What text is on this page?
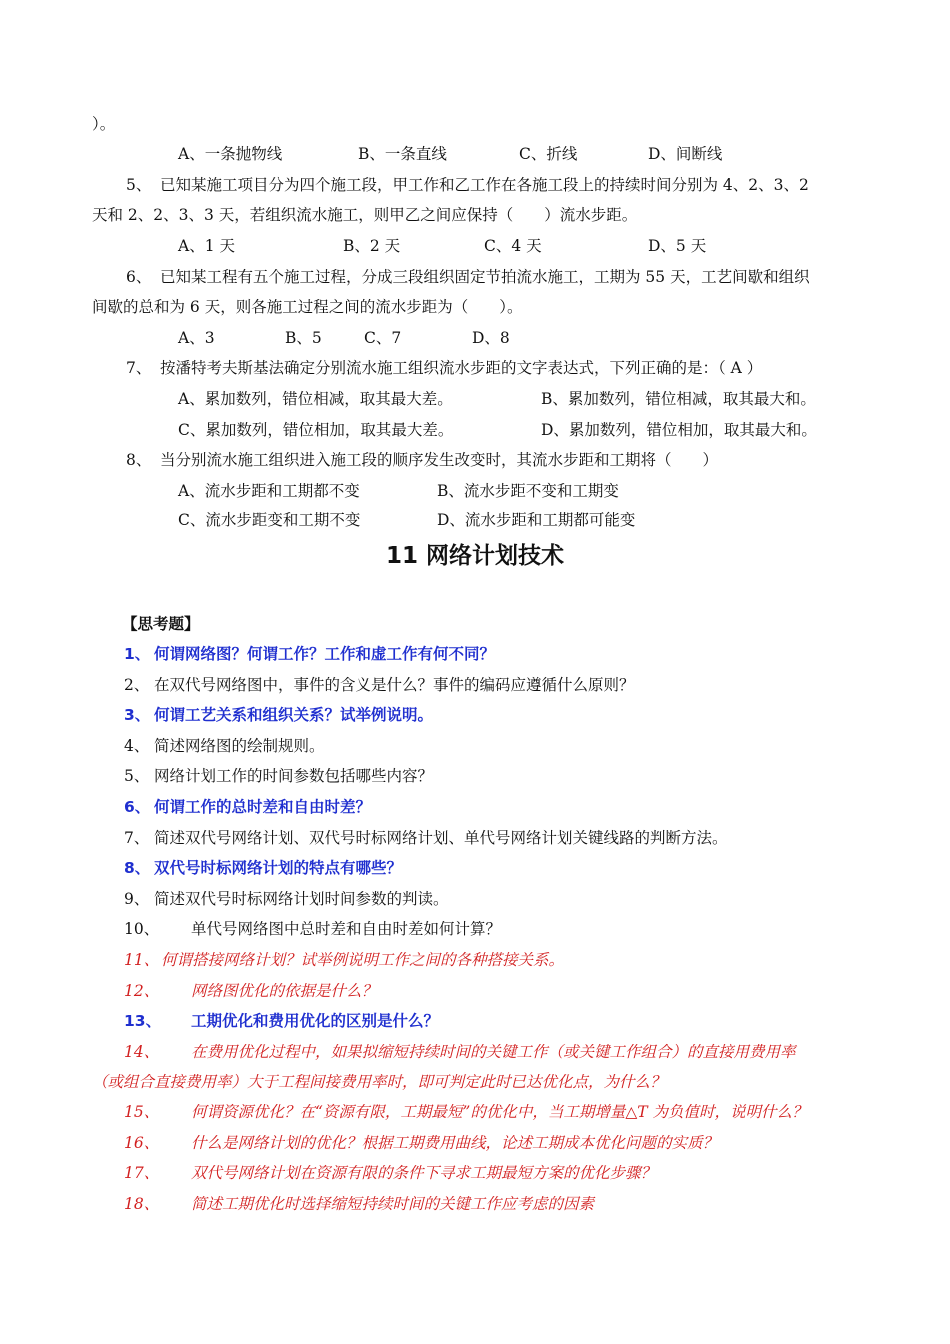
）。
A、一条抛物线	B、一条直线	C、折线	D、间断线
5、 已知某施工项目分为四个施工段，甲工作和乙工作在各施工段上的持续时间分别为 4、2、3、2
天和 2、2、3、3 天，若组织流水施工，则甲乙之间应保持（　　）流水步距。
A、1 天	B、2 天	C、4 天	D、5 天
6、 已知某工程有五个施工过程，分成三段组织固定节拍流水施工，工期为 55 天，工艺间歇和组织
间歇的总和为 6 天，则各施工过程之间的流水步距为（　　）。
A、3	B、5	C、7	D、8
7、 按潘特考夫斯基法确定分别流水施工组织流水步距的文字表达式，下列正确的是：（ A ）
A、累加数列，错位相减，取其最大差。	B、累加数列，错位相减，取其最大和。
C、累加数列，错位相加，取其最大差。	D、累加数列，错位相加，取其最大和。
8、 当分别流水施工组织进入施工段的顺序发生改变时，其流水步距和工期将（　　）
A、流水步距和工期都不变	B、流水步距不变和工期变
C、流水步距变和工期不变	D、流水步距和工期都可能变
11 网络计划技术
【思考题】
1、 何谓网络图？何谓工作？工作和虚工作有何不同？
2、 在双代号网络图中，事件的含义是什么？事件的编码应遵循什么原则？
3、 何谓工艺关系和组织关系？试举例说明。
4、 简述网络图的绘制规则。
5、 网络计划工作的时间参数包括哪些内容？
6、 何谓工作的总时差和自由时差？
7、 简述双代号网络计划、双代号时标网络计划、单代号网络计划关键线路的判断方法。
8、 双代号时标网络计划的特点有哪些？
9、 简述双代号时标网络计划时间参数的判读。
10、 单代号网络图中总时差和自由时差如何计算？
11、 何谓搭接网络计划？试举例说明工作之间的各种搭接关系。
12、 网络图优化的依据是什么？
13、 工期优化和费用优化的区别是什么？
14、 在费用优化过程中，如果拟缩短持续时间的关键工作（或关键工作组合）的直接用费用率
（或组合直接费用率）大于工程间接费用率时，即可判定此时已达优化点，为什么？
15、 何谓资源优化？在“资源有限，工期最短”的优化中，当工期增量△T 为负值时，说明什么？
16、 什么是网络计划的优化？根据工期费用曲线，论述工期成本优化问题的实质？
17、 双代号网络计划在资源有限的条件下寻求工期最短方案的优化步骤？
18、 简述工期优化时选择缩短持续时间的关键工作应考虑的因素
